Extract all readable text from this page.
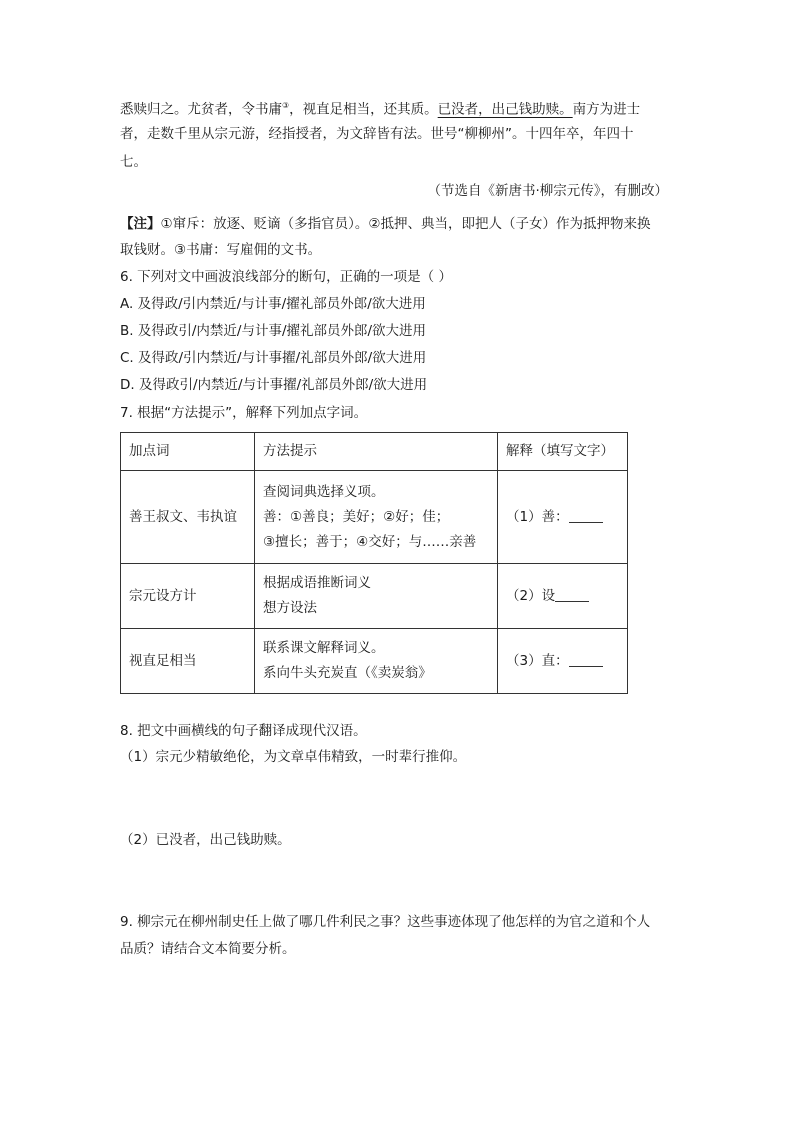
悉赎归之。尤贫者，令书庸③，视直足相当，还其质。已没者，出己钱助赎。南方为进士
者，走数千里从宗元游，经指授者，为文辞皆有法。世号“柳柳州”。十四年卒，年四十
七。
（节选自《新唐书·柳宗元传》，有删改）
【注】①窜斥：放逐、贬谪（多指官员）。②抵押、典当，即把人（子女）作为抵押物来换
取钱财。③书庸：写雇佣的文书。
6. 下列对文中画波浪线部分的断句，正确的一项是（ ）
A. 及得政/引内禁近/与计事/擢礼部员外郎/欲大进用
B. 及得政引/内禁近/与计事/擢礼部员外郎/欲大进用
C. 及得政/引内禁近/与计事擢/礼部员外郎/欲大进用
D. 及得政引/内禁近/与计事擢/礼部员外郎/欲大进用
7. 根据“方法提示”，解释下列加点字词。
加点词	方法提示	解释（填写文字）
善王叔文、韦执谊	查阅词典选择义项。
善：①善良；美好；②好；佳；
③擅长；善于；④交好；与……亲善	（1）善：
宗元设方计	根据成语推断词义
想方设法	（2）设
视直足相当	联系课文解释词义。
系向牛头充炭直（《卖炭翁》	（3）直：
8. 把文中画横线的句子翻译成现代汉语。
（1）宗元少精敏绝伦，为文章卓伟精致，一时辈行推仰。
（2）已没者，出己钱助赎。
9. 柳宗元在柳州制史任上做了哪几件利民之事？这些事迹体现了他怎样的为官之道和个人
品质？请结合文本简要分析。
